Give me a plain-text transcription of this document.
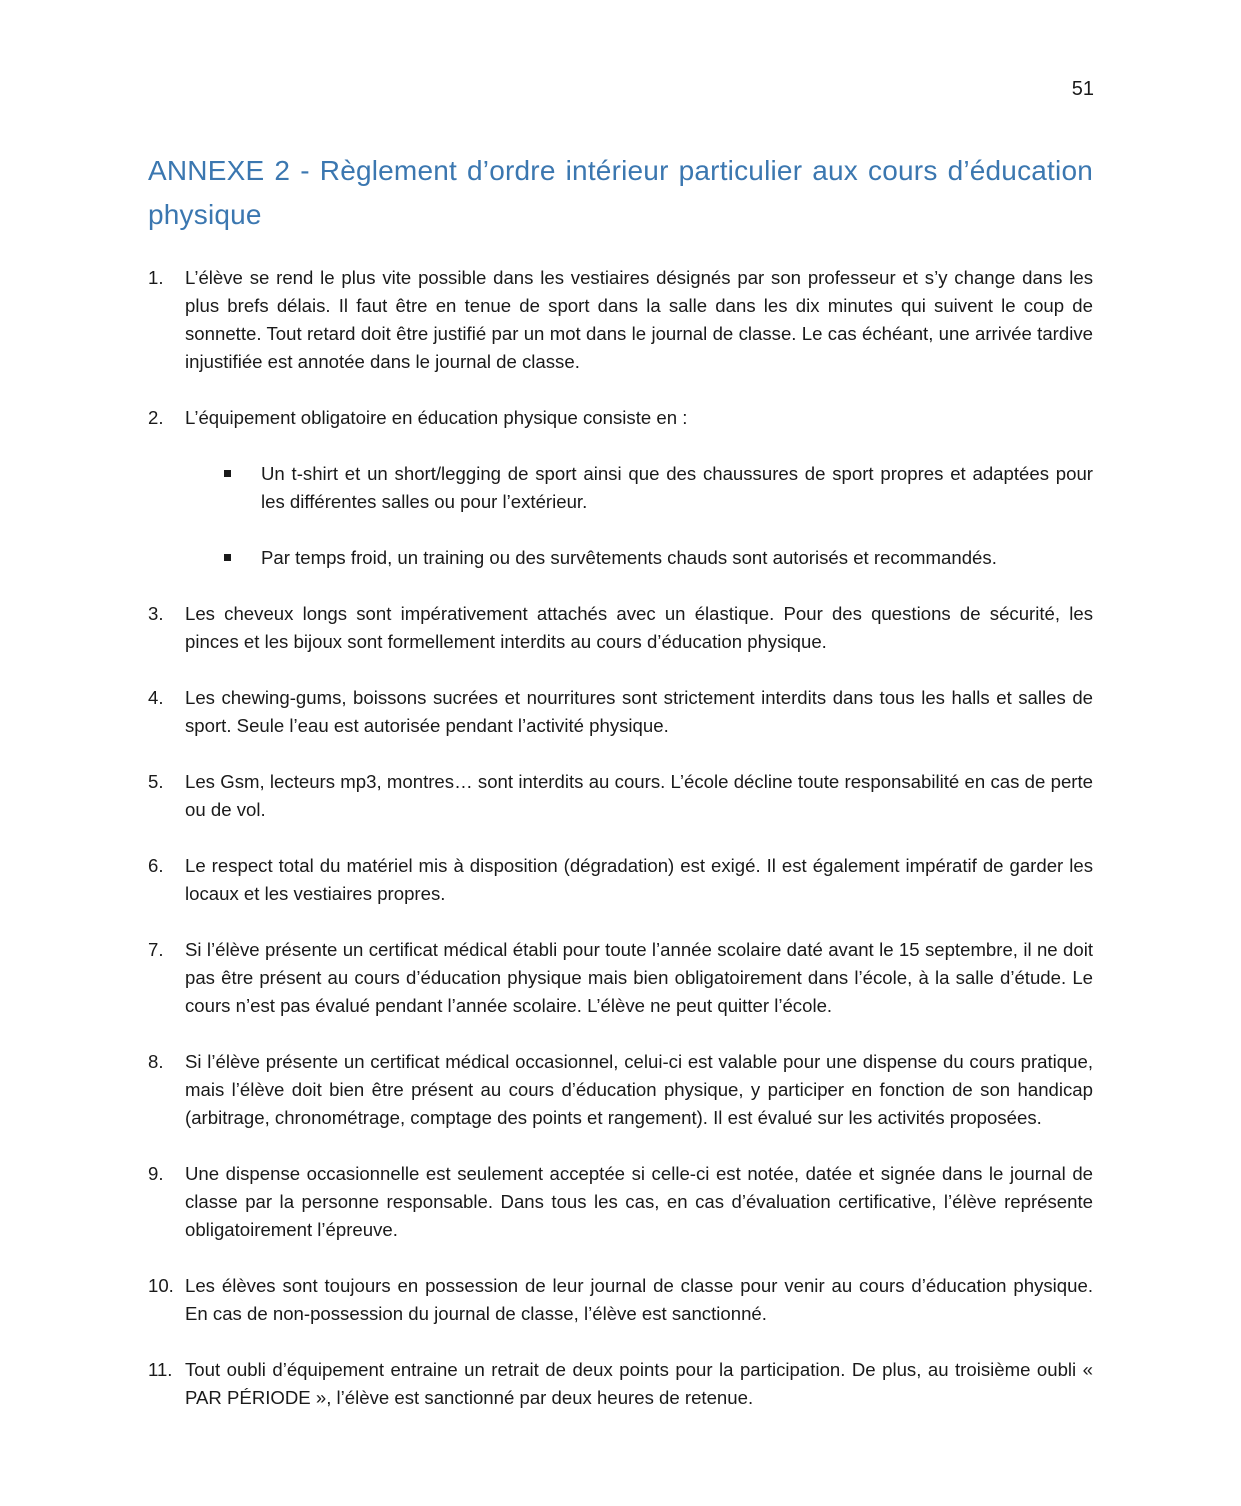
51
ANNEXE 2 - Règlement d’ordre intérieur particulier aux cours d’éducation physique
1. L’élève se rend le plus vite possible dans les vestiaires désignés par son professeur et s’y change dans les plus brefs délais. Il faut être en tenue de sport dans la salle dans les dix minutes qui suivent le coup de sonnette. Tout retard doit être justifié par un mot dans le journal de classe. Le cas échéant, une arrivée tardive injustifiée est annotée dans le journal de classe.
2. L’équipement obligatoire en éducation physique consiste en :
Un t-shirt et un short/legging de sport ainsi que des chaussures de sport propres et adaptées pour les différentes salles ou pour l’extérieur.
Par temps froid, un training ou des survêtements chauds sont autorisés et recommandés.
3. Les cheveux longs sont impérativement attachés avec un élastique. Pour des questions de sécurité, les pinces et les bijoux sont formellement interdits au cours d’éducation physique.
4. Les chewing-gums, boissons sucrées et nourritures sont strictement interdits dans tous les halls et salles de sport. Seule l’eau est autorisée pendant l’activité physique.
5. Les Gsm, lecteurs mp3, montres… sont interdits au cours. L’école décline toute responsabilité en cas de perte ou de vol.
6. Le respect total du matériel mis à disposition (dégradation) est exigé. Il est également impératif de garder les locaux et les vestiaires propres.
7. Si l’élève présente un certificat médical établi pour toute l’année scolaire daté avant le 15 septembre, il ne doit pas être présent au cours d’éducation physique mais bien obligatoirement dans l’école, à la salle d’étude. Le cours n’est pas évalué pendant l’année scolaire. L’élève ne peut quitter l’école.
8. Si l’élève présente un certificat médical occasionnel, celui-ci est valable pour une dispense du cours pratique, mais l’élève doit bien être présent au cours d’éducation physique, y participer en fonction de son handicap (arbitrage, chronométrage, comptage des points et rangement). Il est évalué sur les activités proposées.
9. Une dispense occasionnelle est seulement acceptée si celle-ci est notée, datée et signée dans le journal de classe par la personne responsable. Dans tous les cas, en cas d’évaluation certificative, l’élève représente obligatoirement l’épreuve.
10. Les élèves sont toujours en possession de leur journal de classe pour venir au cours d’éducation physique. En cas de non-possession du journal de classe, l’élève est sanctionné.
11. Tout oubli d’équipement entraine un retrait de deux points pour la participation. De plus, au troisième oubli « PAR PÉRIODE », l’élève est sanctionné par deux heures de retenue.
